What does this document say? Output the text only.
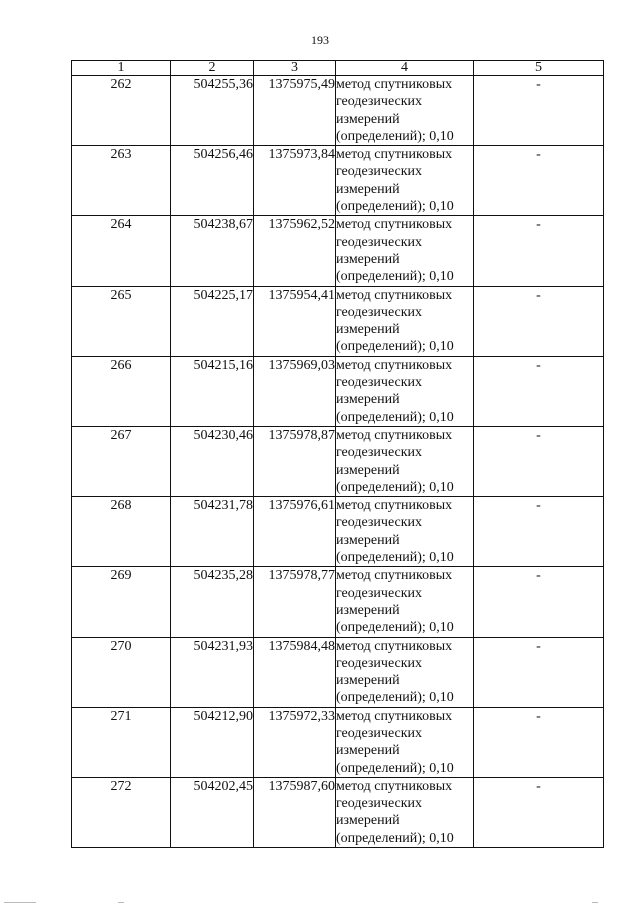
193
1	2	3	4	5
262	504255,36	1375975,49	метод спутниковых
геодезических
измерений
(определений); 0,10	-
263	504256,46	1375973,84	метод спутниковых
геодезических
измерений
(определений); 0,10	-
264	504238,67	1375962,52	метод спутниковых
геодезических
измерений
(определений); 0,10	-
265	504225,17	1375954,41	метод спутниковых
геодезических
измерений
(определений); 0,10	-
266	504215,16	1375969,03	метод спутниковых
геодезических
измерений
(определений); 0,10	-
267	504230,46	1375978,87	метод спутниковых
геодезических
измерений
(определений); 0,10	-
268	504231,78	1375976,61	метод спутниковых
геодезических
измерений
(определений); 0,10	-
269	504235,28	1375978,77	метод спутниковых
геодезических
измерений
(определений); 0,10	-
270	504231,93	1375984,48	метод спутниковых
геодезических
измерений
(определений); 0,10	-
271	504212,90	1375972,33	метод спутниковых
геодезических
измерений
(определений); 0,10	-
272	504202,45	1375987,60	метод спутниковых
геодезических
измерений
(определений); 0,10	-
